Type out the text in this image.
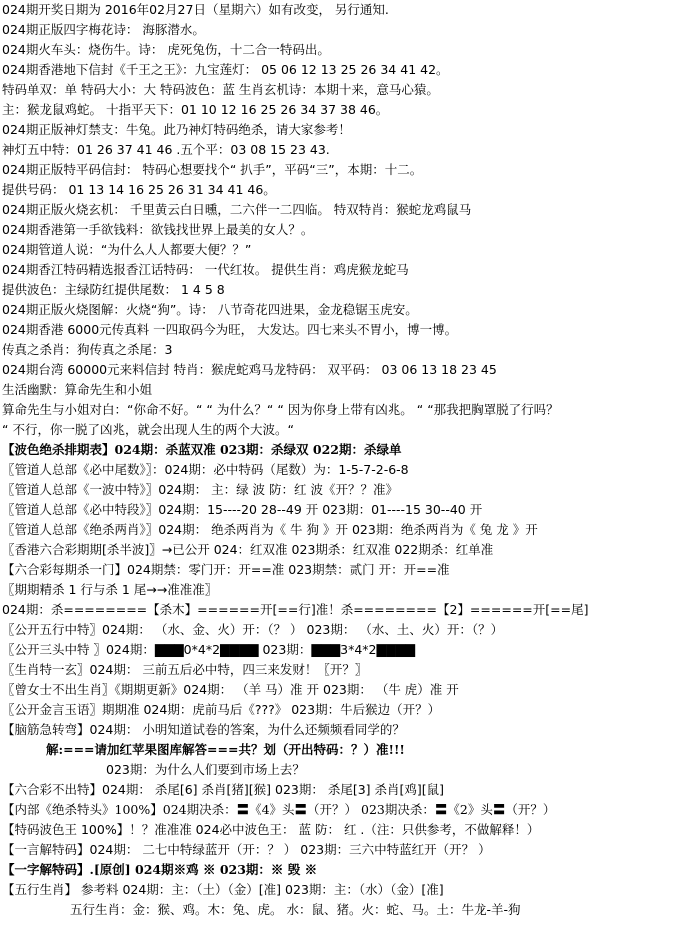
024期开奖日期为 2016年02月27日（星期六）如有改变， 另行通知.
024期正版四字梅花诗： 海豚潜水。
024期火车头：烧伤牛。诗： 虎死兔伤，十二合一特码出。
024期香港地下信封《千王之王》：九宝莲灯： 05 06 12 13 25 26 34 41 42。
特码单双：单 特码大小：大 特码波色：蓝 生肖玄机诗：本期十来，意马心猿。
主：猴龙鼠鸡蛇。 十指平天下：01 10 12 16 25 26 34 37 38 46。
024期正版神灯禁支：牛兔。此乃神灯特码绝杀，请大家参考！
神灯五中特：01 26 37 41 46 .五个平：03 08 15 23 43.
024期正版特平码信封： 特码心想要找个“ 扒手”，平码“三”，本期：十二。
提供号码： 01 13 14 16 25 26 31 34 41 46。
024期正版火烧玄机： 千里黄云白日曛，二六伴一二四临。 特双特肖：猴蛇龙鸡鼠马
024期香港第一手欲钱料：欲钱找世界上最美的女人？。
024期管道人说：“为什么人人都要大便？？”
024期香江特码精选报香江话特码： 一代红妆。 提供生肖：鸡虎猴龙蛇马
提供波色：主绿防红提供尾数： 1 4 5 8
024期正版火烧图解：火烧“狗”。诗： 八节奇花四进果，金龙稳锯玉虎安。
024期香港 6000元传真料 一四取码今为旺， 大发达。四七来头不胃小，博一博。
传真之杀肖：狗传真之杀尾：3
024期台湾 60000元来料信封 特肖：猴虎蛇鸡马龙特码： 双平码： 03 06 13 18 23 45
生活幽默：算命先生和小姐
算命先生与小姐对白：“你命不好。“ “ 为什么？“ “ 因为你身上带有凶兆。 “ “那我把胸罩脱了行吗？
“ 不行，你一脱了凶兆，就会出现人生的两个大波。“
【波色绝杀排期表】024期：杀蓝双准 023期：杀绿双 022期：杀绿单
〖管道人总部《必中尾数》〗：024期：必中特码（尾数）为：1-5-7-2-6-8
〖管道人总部《一波中特》〗024期： 主：绿 波 防：红 波《开？？准》
〖管道人总部《必中特段》〗024期：15----20 28--49 开 023期：01----15 30--40 开
〖管道人总部《绝杀两肖》〗024期： 绝杀两肖为《 牛 狗 》开 023期：绝杀两肖为《 兔 龙 》开
〖香港六合彩期期[杀半波]〗→已公开 024：红双准 023期杀：红双准 022期杀：红单准
【六合彩每期杀一门】024期禁：零门开：开==准 023期禁：贰门 开：开==准
〖期期精杀 1 行与杀 1 尾→→准准准〗
024期：杀========【杀木】======开[==行]准！杀========【2】======开[==尾]
〖公开五行中特〗024期： （水、金、火）开：（？ ） 023期： （水、土、火）开：（？）
〖公开三头中特 〗024期：▇▇▇0*4*2▇▇▇▇ 023期：▇▇▇3*4*2▇▇▇▇
〖生肖特一玄〗024期： 三前五后必中特，四三来发财！〖开？〗
〖曾女士不出生肖〗《期期更新》024期： （羊 马）准 开 023期： （牛 虎）准 开
〖公开金言玉语〗期期准 024期：虎前马后《???》 023期：牛后猴边（开？）
【脑筋急转弯】024期： 小明知道试卷的答案，为什么还频频看同学的？
解:===请加红苹果图库解答===共？划（开出特码：？）准!!!
023期：为什么人们要到市场上去？
【六合彩不出特】024期： 杀尾[6] 杀肖[猪][猴] 023期： 杀尾[3] 杀肖[鸡][鼠]
【内部《绝杀特头》100%】024期决杀：〓《4》头〓（开？） 023期决杀：〓《2》头〓（开？）
【特码波色王 100%】！？准准准 024必中波色王： 蓝 防： 红 .（注：只供参考，不做解释！）
【一言解特码】024期： 二七中特绿蓝开（开：？ ） 023期：三六中特蓝红开（开？ ）
【一字解特码】.[原创] 024期※鸡 ※ 023期：※ 毁 ※
【五行生肖】 参考料 024期：主：（土）（金）[准] 023期：主：（水）（金）[准]
五行生肖：金：猴、鸡。木：兔、虎。 水：鼠、猪。火：蛇、马。土：牛龙-羊-狗
